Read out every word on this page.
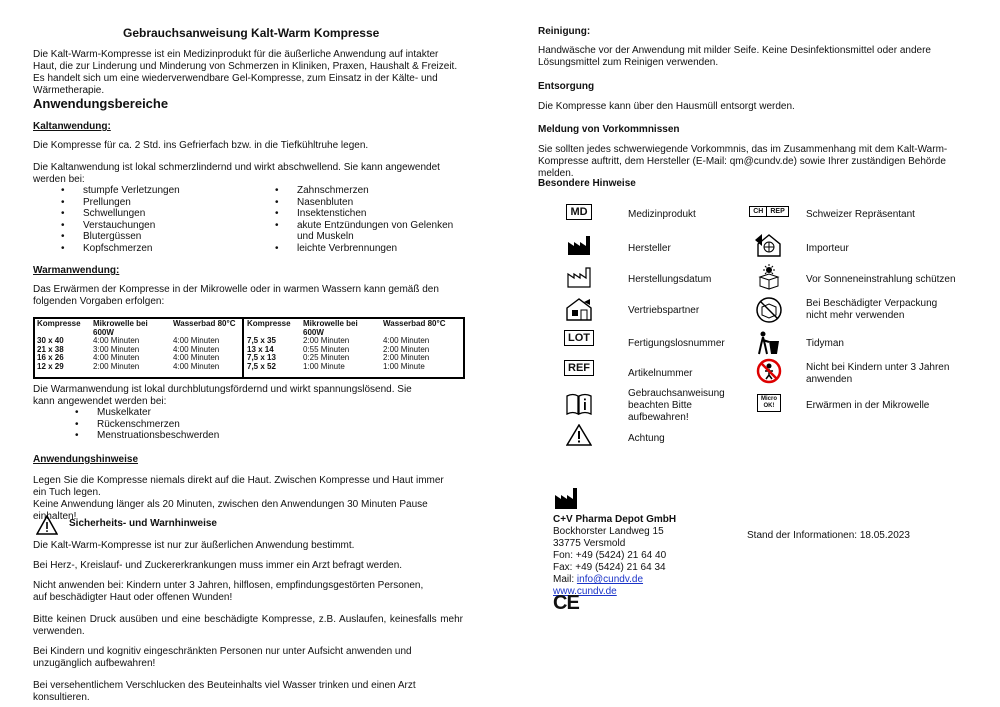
Gebrauchsanweisung Kalt-Warm Kompresse

Die Kalt-Warm-Kompresse ist ein Medizinprodukt für die äußerliche Anwendung auf intakter Haut, die zur Linderung und Minderung von Schmerzen in Kliniken, Praxen, Haushalt & Freizeit. Es handelt sich um eine wiederverwendbare Gel-Kompresse, zum Einsatz in der Kälte- und Wärmetherapie.

Anwendungsbereiche
Kaltanwendung:

Die Kompresse für ca. 2 Std. ins Gefrierfach bzw. in die Tiefkühltruhe legen.

Die Kaltanwendung ist lokal schmerzlindernd und wirkt abschwellend. Sie kann angewendet werden bei:

• stumpfe Verletzungen
• Prellungen
• Schwellungen
• Verstauchungen
• Blutergüssen
• Kopfschmerzen
• Zahnschmerzen
• Nasenbluten
• Insektenstichen
• akute Entzündungen von Gelenken und Muskeln
• leichte Verbrennungen
Warmanwendung:

Das Erwärmen der Kompresse in der Mikrowelle oder in warmen Wassern kann gemäß den folgenden Vorgaben erfolgen:

Kompresse	Mikrowelle bei 600W	Wasserbad 80°C
30 x 40	4:00 Minuten	4:00 Minuten
21 x 38	3:00 Minuten	4:00 Minuten
16 x 26	4:00 Minuten	4:00 Minuten
12 x 29	2:00 Minuten	4:00 Minuten
Kompresse	Mikrowelle bei 600W	Wasserbad 80°C
7,5 x 35	2:00 Minuten	4:00 Minuten
13 x 14	0:55 Minuten	2:00 Minuten
7,5 x 13	0:25 Minuten	2:00 Minuten
7,5 x 52	1:00 Minute	1:00 Minute

Die Warmanwendung ist lokal durchblutungsfördernd und wirkt spannungslösend. Sie kann angewendet werden bei:

• Muskelkater
• Rückenschmerzen
• Menstruationsbeschwerden
Anwendungshinweise

Legen Sie die Kompresse niemals direkt auf die Haut. Zwischen Kompresse und Haut immer ein Tuch legen.

Keine Anwendung länger als 20 Minuten, zwischen den Anwendungen 30 Minuten Pause einhalten!

Sicherheits- und Warnhinweise

Die Kalt-Warm-Kompresse ist nur zur äußerlichen Anwendung bestimmt.

Bei Herz-, Kreislauf- und Zuckererkrankungen muss immer ein Arzt befragt werden.

Nicht anwenden bei: Kindern unter 3 Jahren, hilflosen, empfindungsgestörten Personen, auf beschädigter Haut oder offenen Wunden!

Bitte keinen Druck ausüben und eine beschädigte Kompresse, z.B. Auslaufen, keinesfalls mehr verwenden.

Bei Kindern und kognitiv eingeschränkten Personen nur unter Aufsicht anwenden und unzugänglich aufbewahren!

Bei versehentlichem Verschlucken des Beuteinhalts viel Wasser trinken und einen Arzt konsultieren.

Reinigung:

Handwäsche vor der Anwendung mit milder Seife. Keine Desinfektionsmittel oder andere Lösungsmittel zum Reinigen verwenden.

Entsorgung

Die Kompresse kann über den Hausmüll entsorgt werden.

Meldung von Vorkommnissen

Sie sollten jedes schwerwiegende Vorkommnis, das im Zusammenhang mit dem Kalt-Warm-Kompresse auftritt, dem Hersteller (E-Mail: qm@cundv.de) sowie Ihrer zuständigen Behörde melden.

Besondere Hinweise
MD	Medizinprodukt
Hersteller
Herstellungsdatum
Vertriebspartner
LOT	Fertigungslosnummer
REF	Artikelnummer
Gebrauchsanweisung beachten Bitte aufbewahren!
Achtung
CH	REP	Schweizer Repräsentant
Importeur
Vor Sonneneinstrahlung schützen
Bei Beschädigter Verpackung nicht mehr verwenden
Tidyman
Nicht bei Kindern unter 3 Jahren anwenden
Micro
OK!	Erwärmen in der Mikrowelle
C+V Pharma Depot GmbH
Bockhorster Landweg 15
33775 Versmold
Fon: +49 (5424) 21 64 40
Fax: +49 (5424) 21 64 34
Mail: info@cundv.de
www.cundv.de
CE
Stand der Informationen: 18.05.2023
